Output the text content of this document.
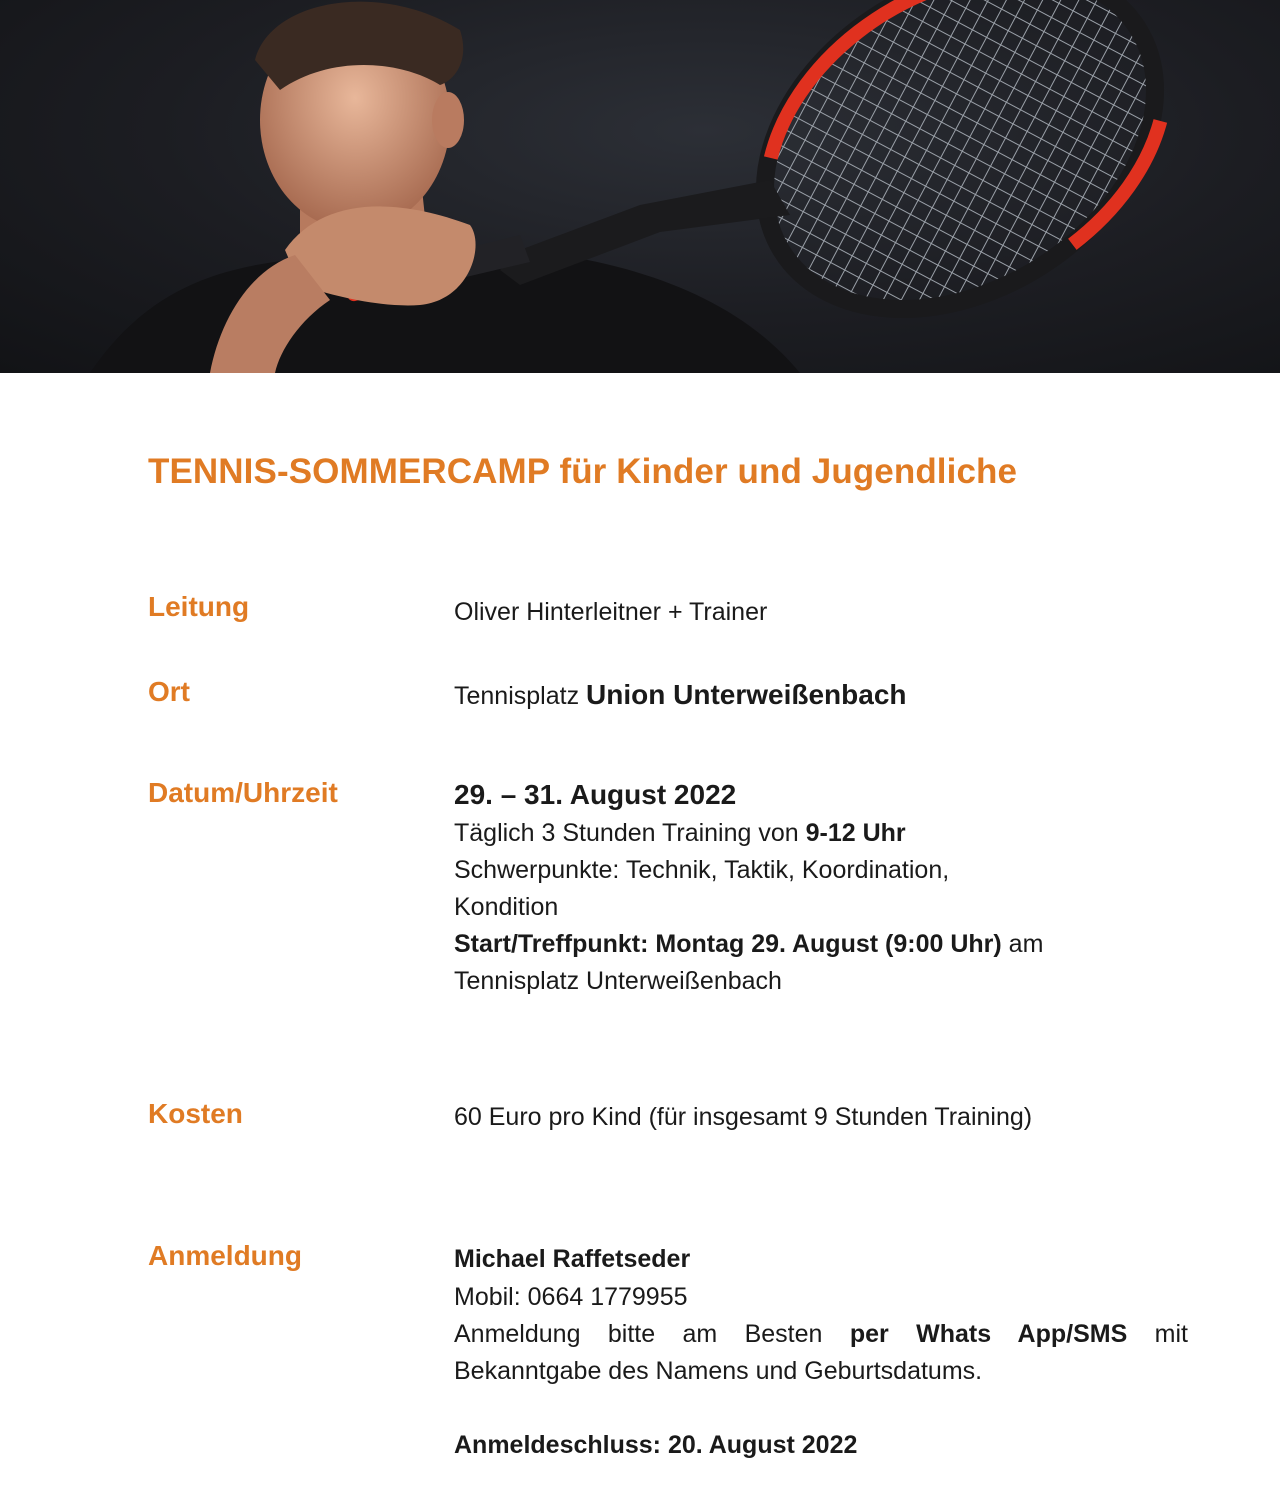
TENNIS-SOMMERCAMP für Kinder und Jugendliche
Leitung	Oliver Hinterleitner + Trainer
Ort	Tennisplatz Union Unterweißenbach
Datum/Uhrzeit	29. – 31. August 2022
Täglich 3 Stunden Training von 9-12 Uhr
Schwerpunkte: Technik, Taktik, Koordination,
Kondition
Start/Treffpunkt: Montag 29. August (9:00 Uhr) am
Tennisplatz Unterweißenbach
Kosten	60 Euro pro Kind (für insgesamt 9 Stunden Training)
Anmeldung	Michael Raffetseder
Mobil: 0664 1779955
Anmeldung bitte am Besten per Whats App/SMS mit
Bekanntgabe des Namens und Geburtsdatums.
Anmeldeschluss: 20. August 2022
